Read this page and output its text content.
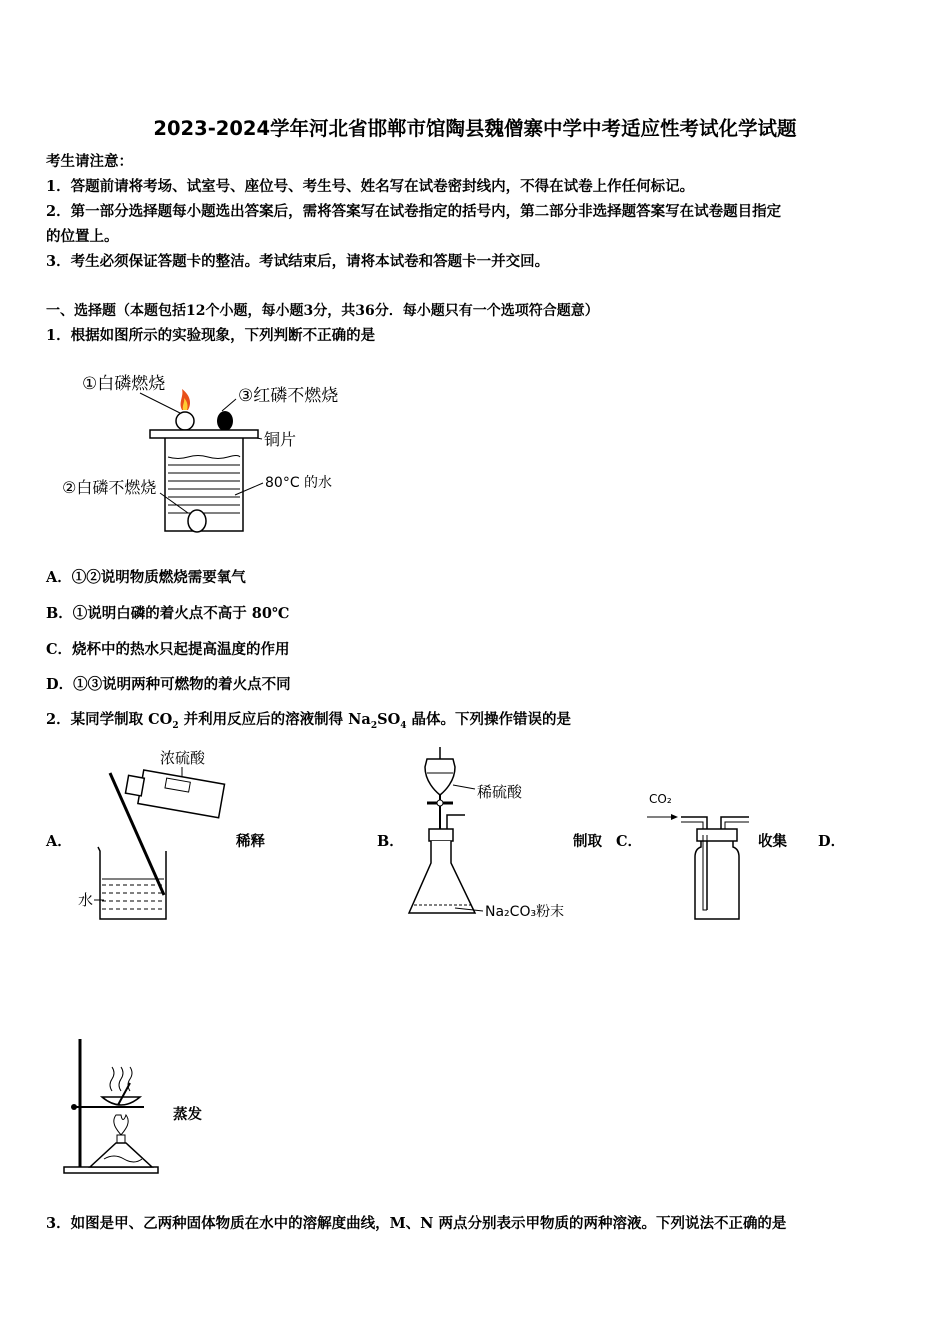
2023-2024学年河北省邯郸市馆陶县魏僧寨中学中考适应性考试化学试题
考生请注意：
1．答题前请将考场、试室号、座位号、考生号、姓名写在试卷密封线内，不得在试卷上作任何标记。
2．第一部分选择题每小题选出答案后，需将答案写在试卷指定的括号内，第二部分非选择题答案写在试卷题目指定
的位置上。
3．考生必须保证答题卡的整洁。考试结束后，请将本试卷和答题卡一并交回。
一、选择题（本题包括12个小题，每小题3分，共36分．每小题只有一个选项符合题意）
1．根据如图所示的实验现象，下列判断不正确的是
①白磷燃烧
③红磷不燃烧
铜片
②白磷不燃烧	80°C 的水
A．①②说明物质燃烧需要氧气
B．①说明白磷的着火点不高于 80℃
C．烧杯中的热水只起提高温度的作用
D．①③说明两种可燃物的着火点不同
2．某同学制取 $CO_2$ 并利用反应后的溶液制得 $Na_2SO_4$ 晶体。下列操作错误的是
A．
浓硫酸
水
稀释	B．
稀硫酸
Na₂CO₃粉末
制取 C．
CO₂
收集 D．
蒸发
3．如图是甲、乙两种固体物质在水中的溶解度曲线，M、N 两点分别表示甲物质的两种溶液。下列说法不正确的是
